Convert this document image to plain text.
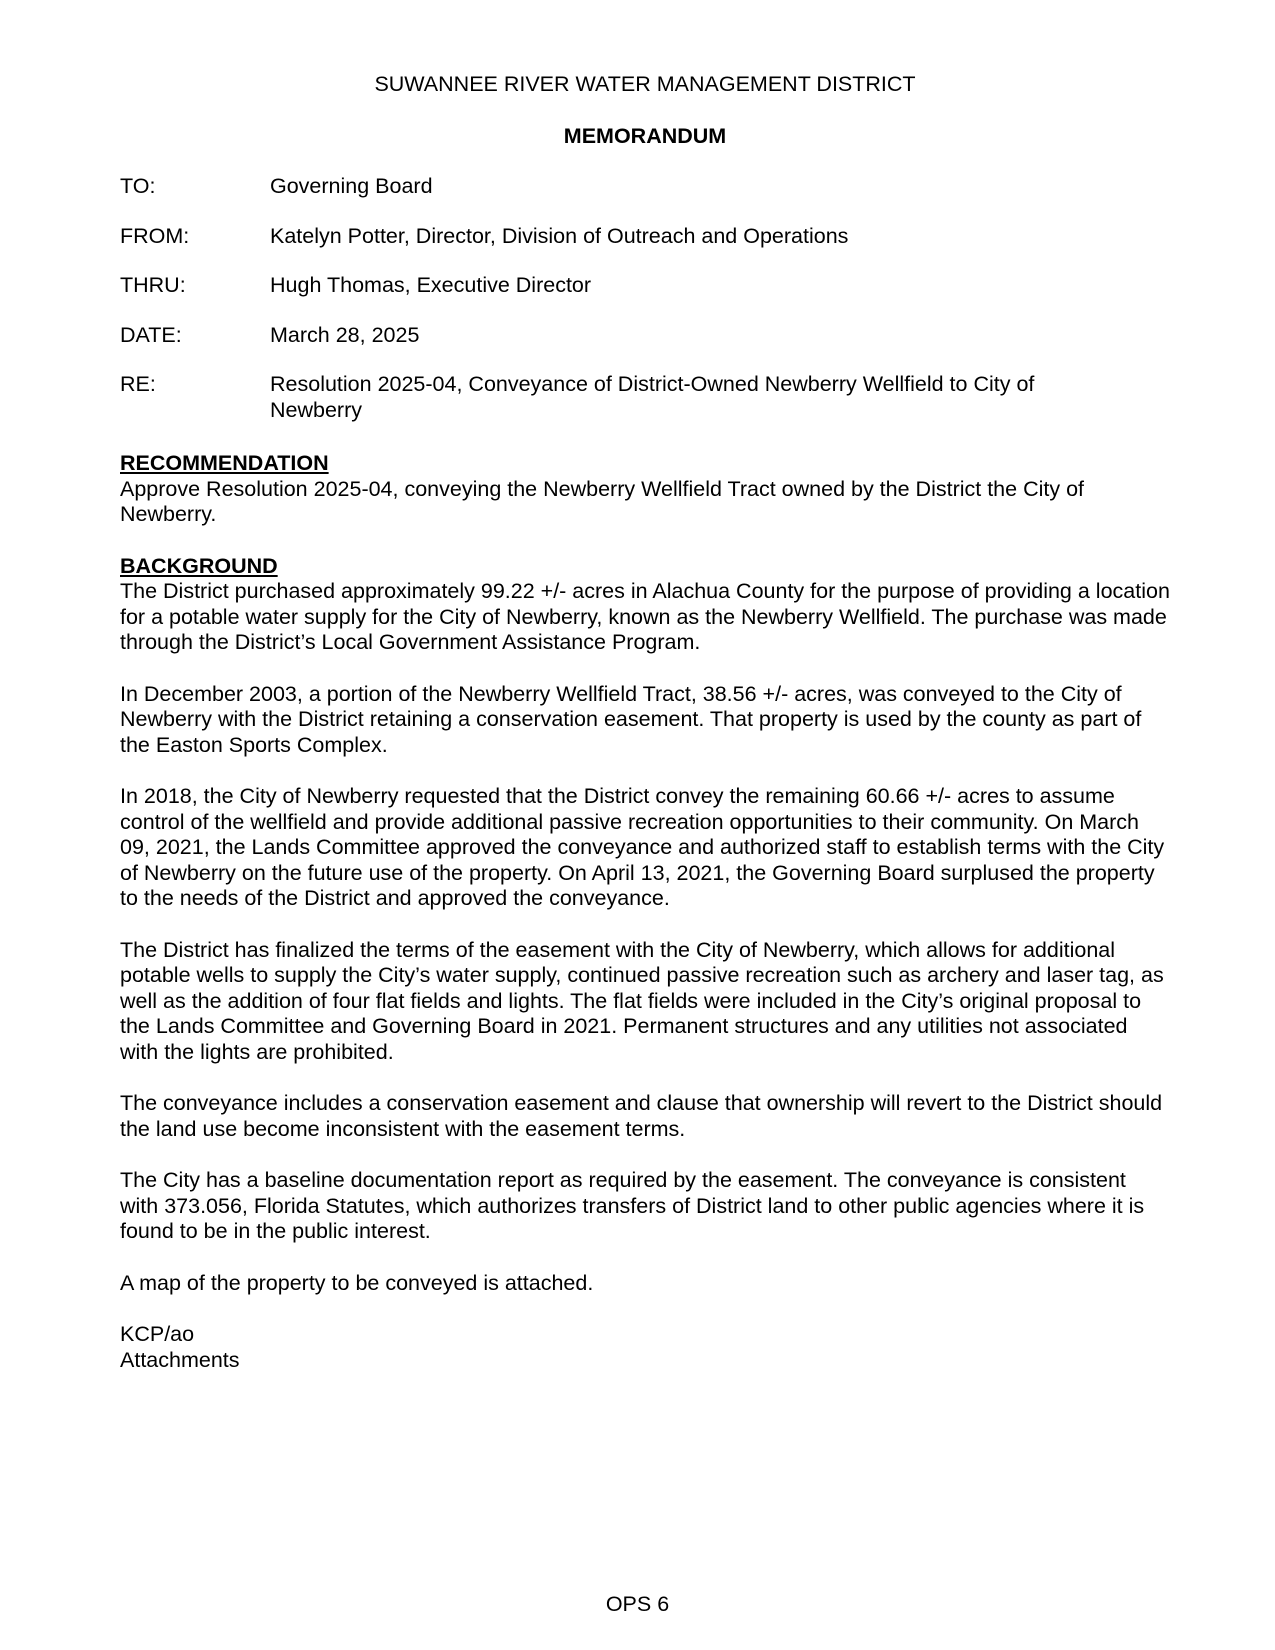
SUWANNEE RIVER WATER MANAGEMENT DISTRICT
MEMORANDUM
TO:	Governing Board
FROM:	Katelyn Potter, Director, Division of Outreach and Operations
THRU:	Hugh Thomas, Executive Director
DATE:	March 28, 2025
RE:	Resolution 2025-04, Conveyance of District-Owned Newberry Wellfield to City of Newberry
RECOMMENDATION

Approve Resolution 2025-04, conveying the Newberry Wellfield Tract owned by the District the City of Newberry.

BACKGROUND

The District purchased approximately 99.22 +/- acres in Alachua County for the purpose of providing a location for a potable water supply for the City of Newberry, known as the Newberry Wellfield. The purchase was made through the District’s Local Government Assistance Program.

In December 2003, a portion of the Newberry Wellfield Tract, 38.56 +/- acres, was conveyed to the City of Newberry with the District retaining a conservation easement. That property is used by the county as part of the Easton Sports Complex.

In 2018, the City of Newberry requested that the District convey the remaining 60.66 +/- acres to assume control of the wellfield and provide additional passive recreation opportunities to their community. On March 09, 2021, the Lands Committee approved the conveyance and authorized staff to establish terms with the City of Newberry on the future use of the property. On April 13, 2021, the Governing Board surplused the property to the needs of the District and approved the conveyance.

The District has finalized the terms of the easement with the City of Newberry, which allows for additional potable wells to supply the City’s water supply, continued passive recreation such as archery and laser tag, as well as the addition of four flat fields and lights. The flat fields were included in the City’s original proposal to the Lands Committee and Governing Board in 2021. Permanent structures and any utilities not associated with the lights are prohibited.

The conveyance includes a conservation easement and clause that ownership will revert to the District should the land use become inconsistent with the easement terms.

The City has a baseline documentation report as required by the easement. The conveyance is consistent with 373.056, Florida Statutes, which authorizes transfers of District land to other public agencies where it is found to be in the public interest.

A map of the property to be conveyed is attached.

KCP/ao
Attachments
OPS 6
